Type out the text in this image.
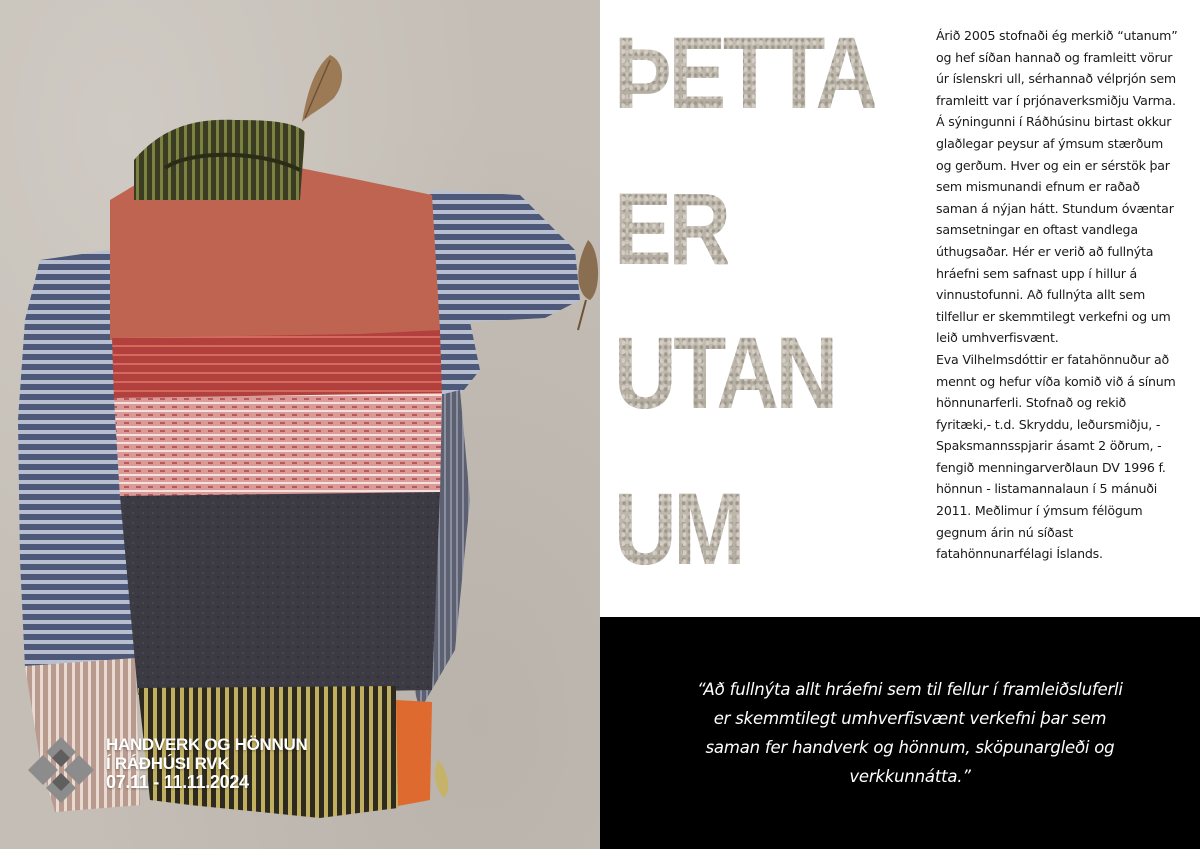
HANDVERK OG HÖNNUN
Í RÁÐHÚSI RVK
07.11 - 11.11.2024
ÞETTA
ER
UTAN
UM

Árið 2005 stofnaði ég merkið “utanum” og hef síðan hannað og framleitt vörur úr íslenskri ull, sérhannað vélprjón sem framleitt var í prjónaverksmiðju Varma. Á sýningunni í Ráðhúsinu birtast okkur glaðlegar peysur af ýmsum stærðum og gerðum. Hver og ein er sérstök þar sem mismunandi efnum er raðað saman á nýjan hátt. Stundum óvæntar samsetningar en oftast vandlega úthugsaðar. Hér er verið að fullnýta hráefni sem safnast upp í hillur á vinnustofunni. Að fullnýta allt sem tilfellur er skemmtilegt verkefni og um leið umhverfisvænt.

Eva Vilhelmsdóttir er fatahönnuður að mennt og hefur víða komið við á sínum hönnunarferli. Stofnað og rekið fyritæki,- t.d. Skryddu, leðursmiðju, - Spaksmannsspjarir ásamt 2 öðrum, - fengið menningarverðlaun DV 1996 f. hönnun - listamannalaun í 5 mánuði 2011. Meðlimur í ýmsum félögum gegnum árin nú síðast fatahönnunarfélagi Íslands.

“Að fullnýta allt hráefni sem til fellur í framleiðsluferli
er skemmtilegt umhverfisvænt verkefni þar sem
saman fer handverk og hönnum, sköpunargleði og
verkkunnátta.”
